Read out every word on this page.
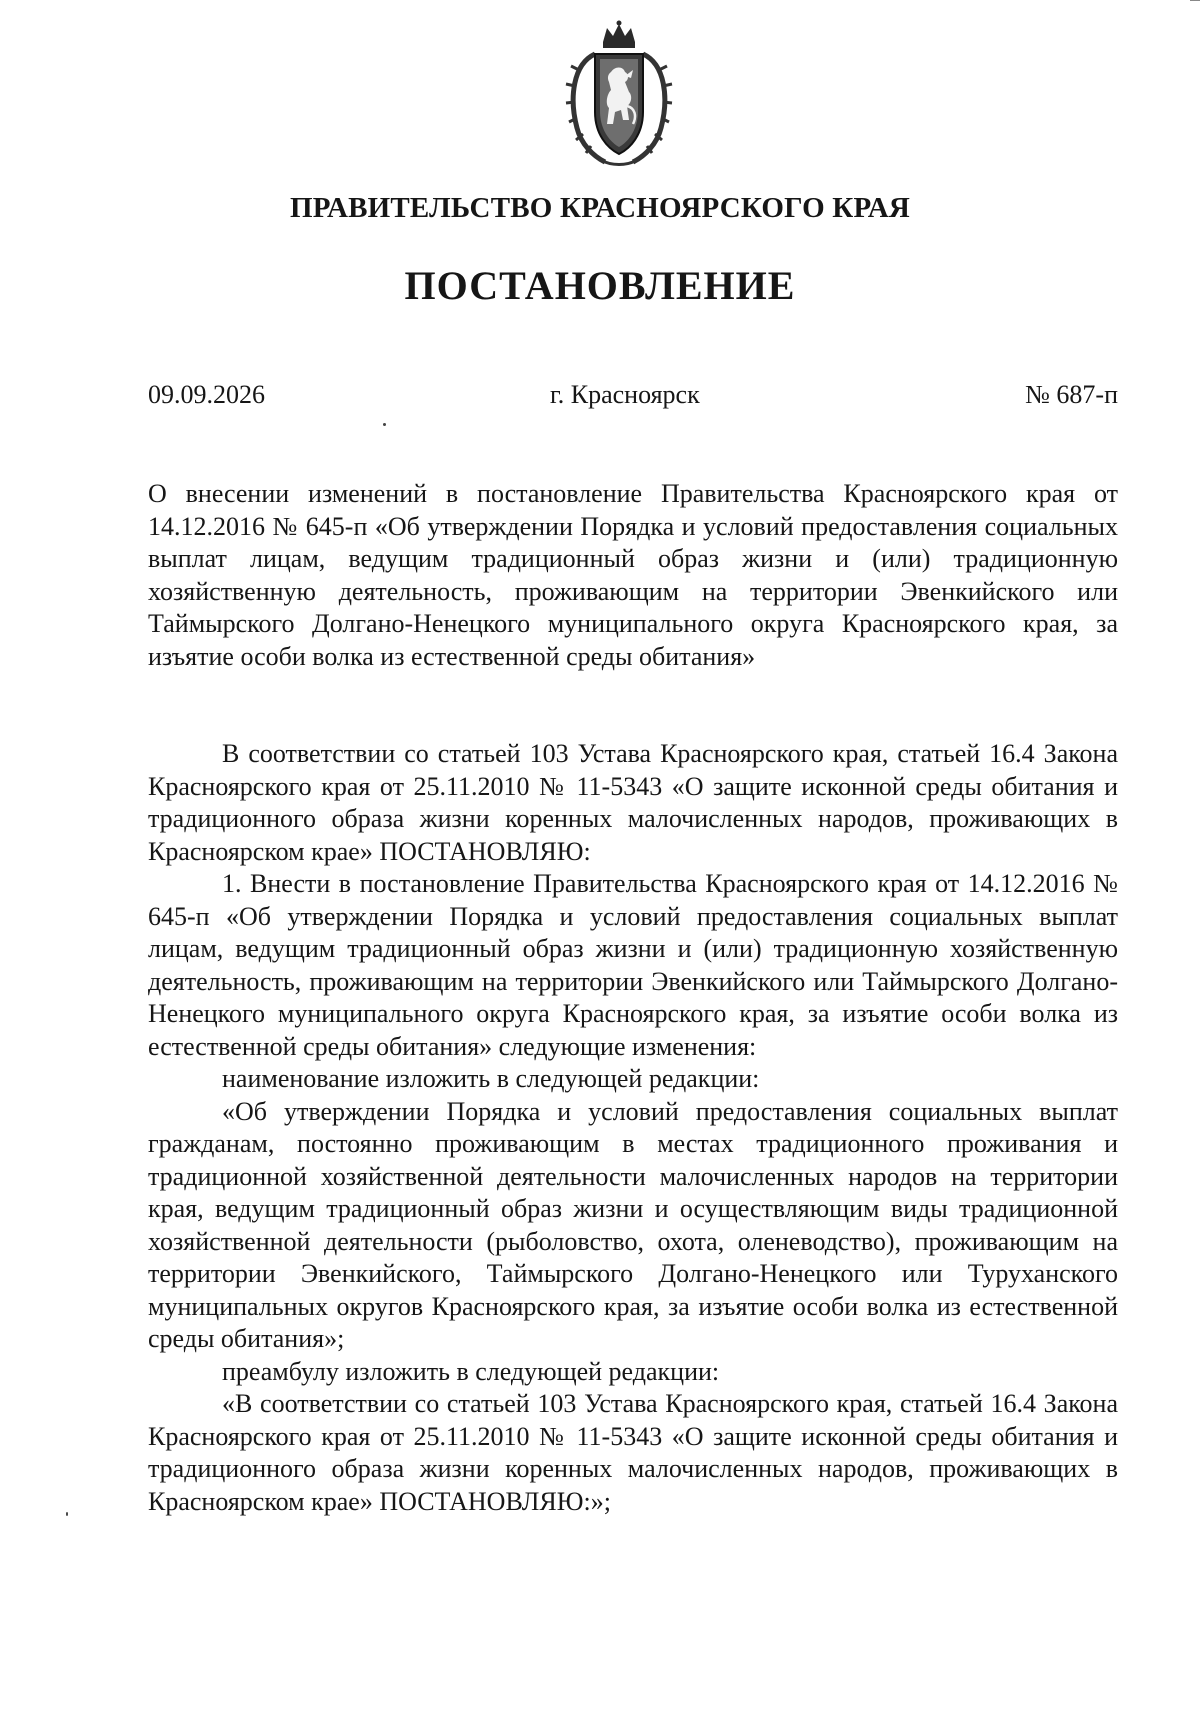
ПРАВИТЕЛЬСТВО КРАСНОЯРСКОГО КРАЯ
ПОСТАНОВЛЕНИЕ
09.09.2026	г. Красноярск	№ 687-п

О внесении изменений в постановление Правительства Красноярского края от 14.12.2016 № 645-п «Об утверждении Порядка и условий предоставления социальных выплат лицам, ведущим традиционный образ жизни и (или) традиционную хозяйственную деятельность, проживающим на территории Эвенкийского или Таймырского Долгано-Ненецкого муниципального округа Красноярского края, за изъятие особи волка из естественной среды обитания»

В соответствии со статьей 103 Устава Красноярского края, статьей 16.4 Закона Красноярского края от 25.11.2010 № 11-5343 «О защите исконной среды обитания и традиционного образа жизни коренных малочисленных народов, проживающих в Красноярском крае» ПОСТАНОВЛЯЮ:

1. Внести в постановление Правительства Красноярского края от 14.12.2016 № 645-п «Об утверждении Порядка и условий предоставления социальных выплат лицам, ведущим традиционный образ жизни и (или) традиционную хозяйственную деятельность, проживающим на территории Эвенкийского или Таймырского Долгано-Ненецкого муниципального округа Красноярского края, за изъятие особи волка из естественной среды обитания» следующие изменения:

наименование изложить в следующей редакции:

«Об утверждении Порядка и условий предоставления социальных выплат гражданам, постоянно проживающим в местах традиционного проживания и традиционной хозяйственной деятельности малочисленных народов на территории края, ведущим традиционный образ жизни и осуществляющим виды традиционной хозяйственной деятельности (рыболовство, охота, оленеводство), проживающим на территории Эвенкийского, Таймырского Долгано-Ненецкого или Туруханского муниципальных округов Красноярского края, за изъятие особи волка из естественной среды обитания»;

преамбулу изложить в следующей редакции:

«В соответствии со статьей 103 Устава Красноярского края, статьей 16.4 Закона Красноярского края от 25.11.2010 № 11-5343 «О защите исконной среды обитания и традиционного образа жизни коренных малочисленных народов, проживающих в Красноярском крае» ПОСТАНОВЛЯЮ:»;
